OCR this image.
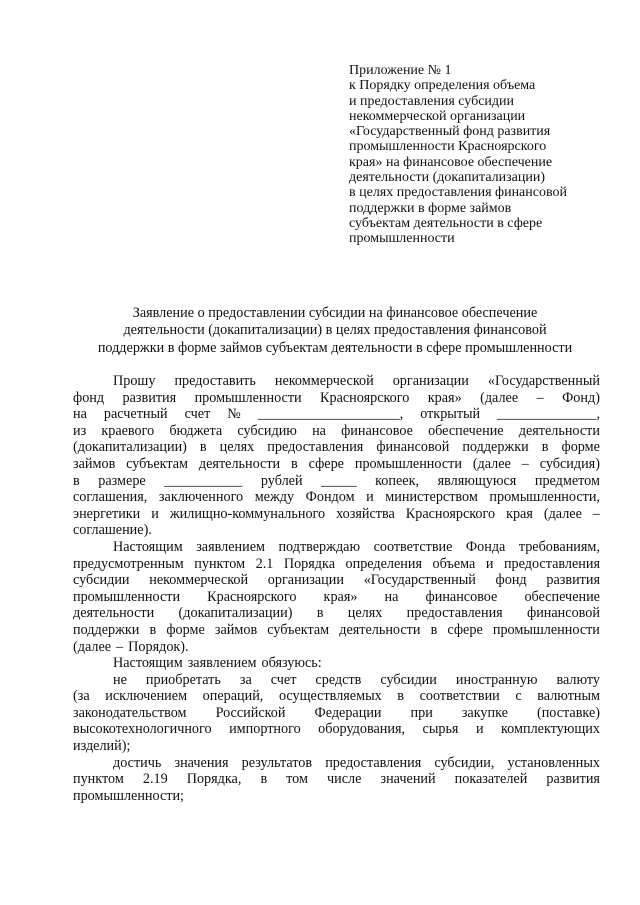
Приложение № 1
к Порядку определения объема
и предоставления субсидии
некоммерческой организации
«Государственный фонд развития
промышленности Красноярского
края» на финансовое обеспечение
деятельности (докапитализации)
в целях предоставления финансовой
поддержки в форме займов
субъектам деятельности в сфере
промышленности
Заявление о предоставлении субсидии на финансовое обеспечение
деятельности (докапитализации) в целях предоставления финансовой
поддержки в форме займов субъектам деятельности в сфере промышленности
Прошу предоставить некоммерческой организации «Государственный
фонд развития промышленности Красноярского края» (далее – Фонд)
на расчетный счет № ____________________, открытый ______________,
из краевого бюджета субсидию на финансовое обеспечение деятельности
(докапитализации) в целях предоставления финансовой поддержки в форме
займов субъектам деятельности в сфере промышленности (далее – субсидия)
в размере ___________ рублей _____ копеек, являющуюся предметом
соглашения, заключенного между Фондом и министерством промышленности,
энергетики и жилищно-коммунального хозяйства Красноярского края (далее –
соглашение).
Настоящим заявлением подтверждаю соответствие Фонда требованиям,
предусмотренным пунктом 2.1 Порядка определения объема и предоставления
субсидии некоммерческой организации «Государственный фонд развития
промышленности Красноярского края» на финансовое обеспечение
деятельности (докапитализации) в целях предоставления финансовой
поддержки в форме займов субъектам деятельности в сфере промышленности
(далее – Порядок).
Настоящим заявлением обязуюсь:
не приобретать за счет средств субсидии иностранную валюту
(за исключением операций, осуществляемых в соответствии с валютным
законодательством Российской Федерации при закупке (поставке)
высокотехнологичного импортного оборудования, сырья и комплектующих
изделий);
достичь значения результатов предоставления субсидии, установленных
пунктом 2.19 Порядка, в том числе значений показателей развития
промышленности;
